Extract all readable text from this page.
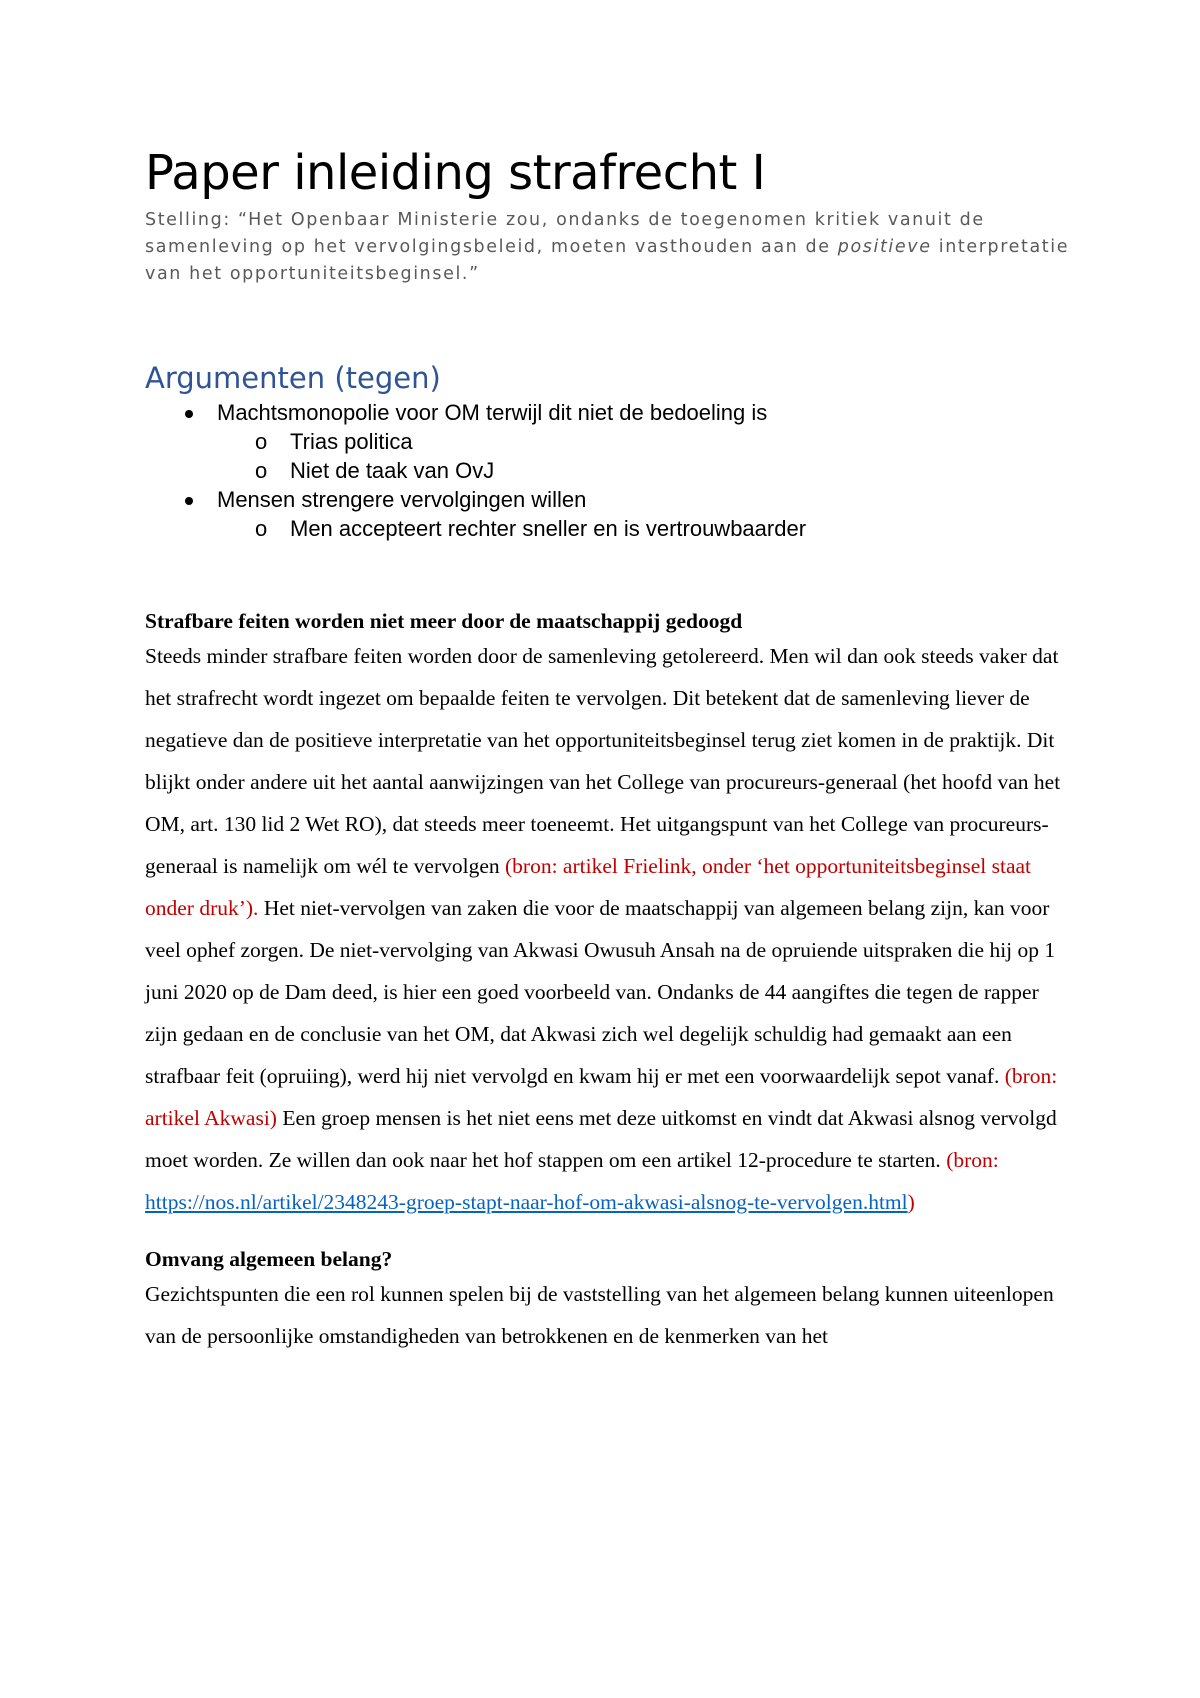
Paper inleiding strafrecht I

Stelling: “Het Openbaar Ministerie zou, ondanks de toegenomen kritiek vanuit de samenleving op het vervolgingsbeleid, moeten vasthouden aan de positieve interpretatie van het opportuniteitsbeginsel.”

Argumenten (tegen)
Machtsmonopolie voor OM terwijl dit niet de bedoeling is
o Trias politica
o Niet de taak van OvJ
Mensen strengere vervolgingen willen
o Men accepteert rechter sneller en is vertrouwbaarder

Strafbare feiten worden niet meer door de maatschappij gedoogd

Steeds minder strafbare feiten worden door de samenleving getolereerd. Men wil dan ook steeds vaker dat het strafrecht wordt ingezet om bepaalde feiten te vervolgen. Dit betekent dat de samenleving liever de negatieve dan de positieve interpretatie van het opportuniteitsbeginsel terug ziet komen in de praktijk. Dit blijkt onder andere uit het aantal aanwijzingen van het College van procureurs-generaal (het hoofd van het OM, art. 130 lid 2 Wet RO), dat steeds meer toeneemt. Het uitgangspunt van het College van procureurs-generaal is namelijk om wél te vervolgen (bron: artikel Frielink, onder ‘het opportuniteitsbeginsel staat onder druk’). Het niet-vervolgen van zaken die voor de maatschappij van algemeen belang zijn, kan voor veel ophef zorgen. De niet-vervolging van Akwasi Owusuh Ansah na de opruiende uitspraken die hij op 1 juni 2020 op de Dam deed, is hier een goed voorbeeld van. Ondanks de 44 aangiftes die tegen de rapper zijn gedaan en de conclusie van het OM, dat Akwasi zich wel degelijk schuldig had gemaakt aan een strafbaar feit (opruiing), werd hij niet vervolgd en kwam hij er met een voorwaardelijk sepot vanaf. (bron: artikel Akwasi) Een groep mensen is het niet eens met deze uitkomst en vindt dat Akwasi alsnog vervolgd moet worden. Ze willen dan ook naar het hof stappen om een artikel 12-procedure te starten. (bron: https://nos.nl/artikel/2348243-groep-stapt-naar-hof-om-akwasi-alsnog-te-vervolgen.html)

Omvang algemeen belang?

Gezichtspunten die een rol kunnen spelen bij de vaststelling van het algemeen belang kunnen uiteenlopen van de persoonlijke omstandigheden van betrokkenen en de kenmerken van het
